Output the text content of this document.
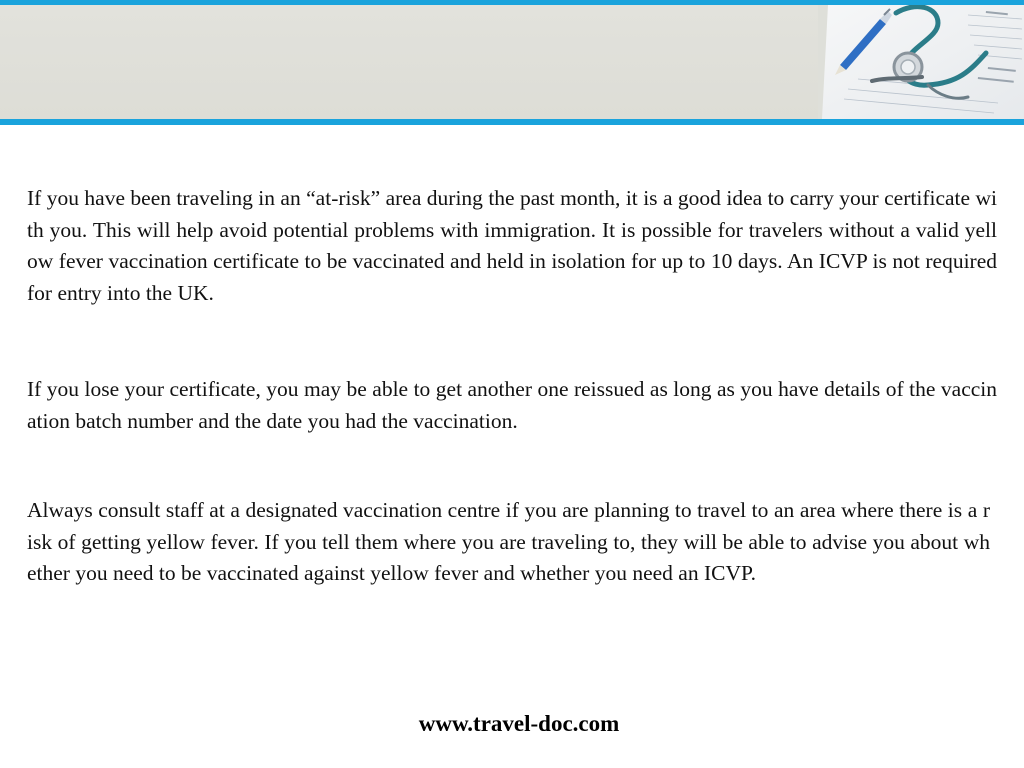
If you have been traveling in an “at-risk” area during the past month, it is a good idea to carry your certificate with you. This will help avoid potential problems with immigration. It is possible for travelers without a valid yellow fever vaccination certificate to be vaccinated and held in isolation for up to 10 days. An ICVP is not required for entry into the UK.

If you lose your certificate, you may be able to get another one reissued as long as you have details of the vaccination batch number and the date you had the vaccination.

Always consult staff at a designated vaccination centre if you are planning to travel to an area where there is a risk of getting yellow fever. If you tell them where you are traveling to, they will be able to advise you about whether you need to be vaccinated against yellow fever and whether you need an ICVP.

www.travel-doc.com
